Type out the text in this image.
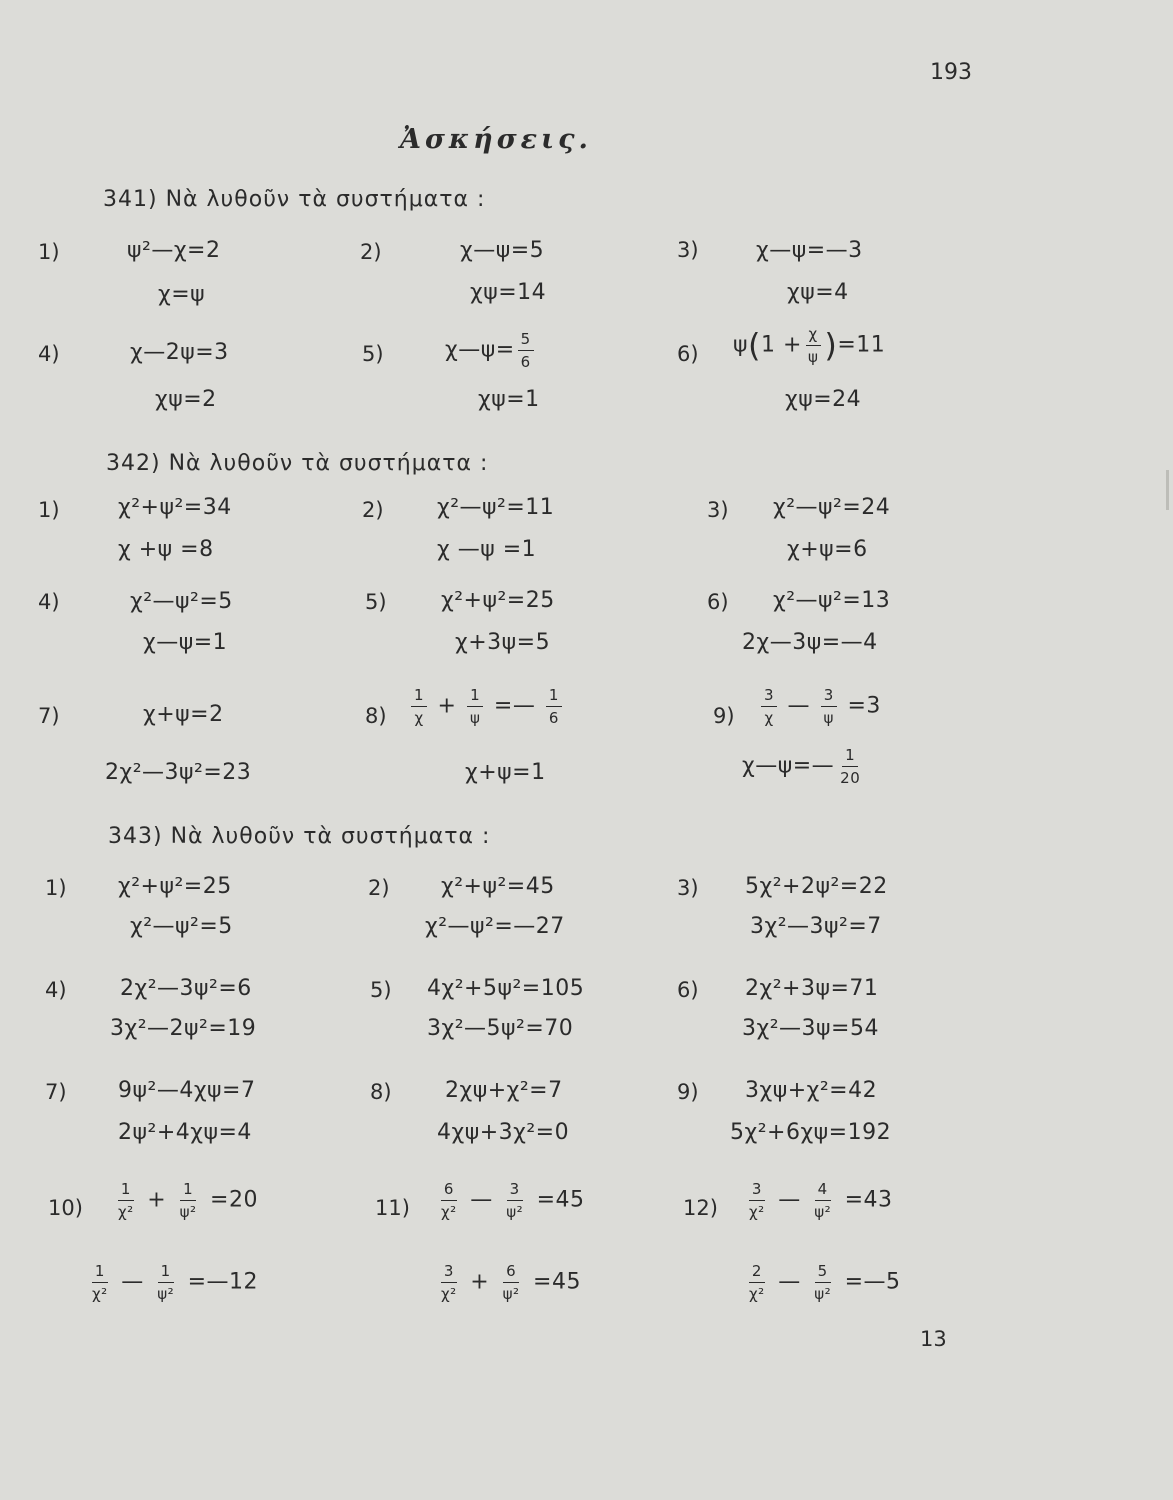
193
Ἀσκήσεις.
341) Νὰ λυθοῦν τὰ συστήματα :
1)	ψ²—χ=2
χ=ψ
2)	χ—ψ=5
χψ=14
3)	χ—ψ=—3
χψ=4
4)	χ—2ψ=3
χψ=2
5)	χ—ψ= $\frac{5}{6}$
χψ=1
6) $\psi(1 + \frac{\chi}{\psi} )=11$
χψ=24
342) Νὰ λυθοῦν τὰ συστήματα :
1)	χ²+ψ²=34
χ +ψ =8
2) χ²—ψ²=11
χ —ψ =1
3) χ²—ψ²=24
χ+ψ=6
4)	χ²—ψ²=5
χ—ψ=1
5) χ²+ψ²=25
χ+3ψ=5
6) χ²—ψ²=13
2χ—3ψ=—4
7)	χ+ψ=2
2χ²—3ψ²=23
$8) \frac{1}{\chi} + \frac{1}{\psi}$ =— $\frac{1}{6}$
χ+ψ=1
$9) \frac{3}{\chi}$ — $\frac{3}{\psi} =3$
χ—ψ=— $\frac{1}{20}$
343) Νὰ λυθοῦν τὰ συστήματα :
1) χ²+ψ²=25
χ²—ψ²=5
2) χ²+ψ²=45
χ²—ψ²=—27
3) 5χ²+2ψ²=22
3χ²—3ψ²=7
4) 2χ²—3ψ²=6
3χ²—2ψ²=19
5) 4χ²+5ψ²=105
3χ²—5ψ²=70
6) 2χ²+3ψ=71
3χ²—3ψ=54
7) 9ψ²—4χψ=7
2ψ²+4χψ=4
8) 2χψ+χ²=7
4χψ+3χ²=0
9) 3χψ+χ²=42
5χ²+6χψ=192
$10) \frac{1}{\text{χ²}} + \frac{1}{\text{ψ²}} =20$
$\frac{1}{\text{χ²}}$ — $\frac{1}{\text{ψ²}}$ =—12
$11) \frac{6}{\text{χ²}}$ — $\frac{3}{\text{ψ²}} =45$
$\frac{3}{\text{χ²}} + \frac{6}{\text{ψ²}} =45$
$12) \frac{3}{\text{χ²}}$ — $\frac{4}{\text{ψ²}} =43$
$\frac{2}{\text{χ²}}$ — $\frac{5}{\text{ψ²}}$ =—5
13
